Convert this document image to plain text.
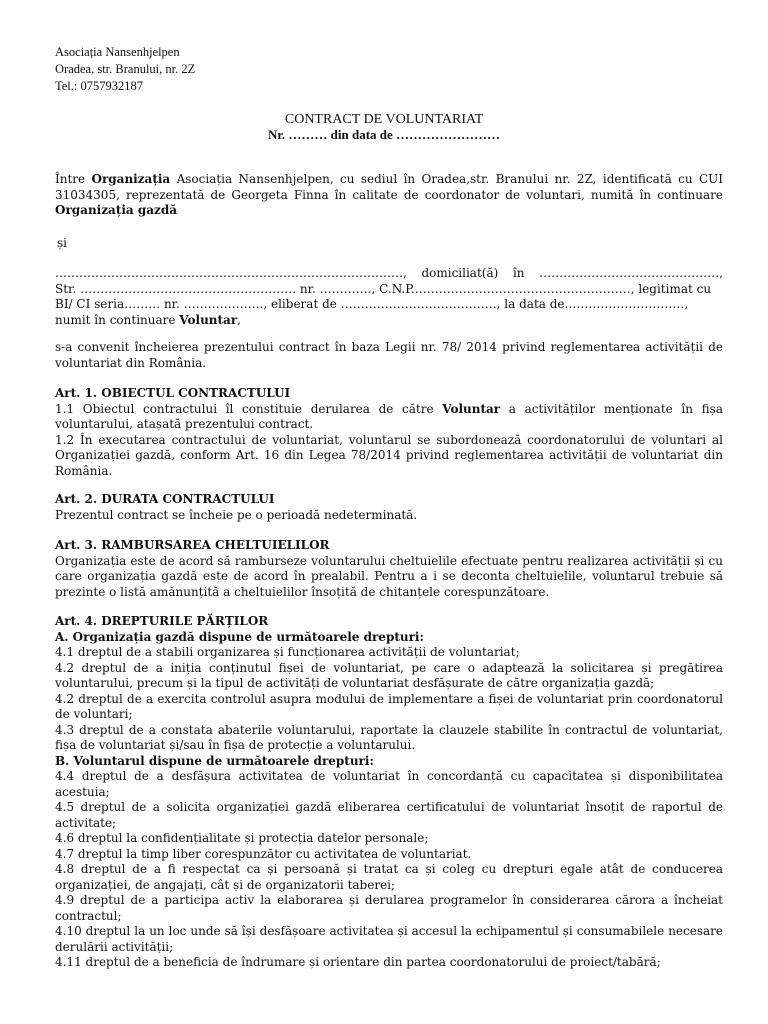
Asociația Nansenhjelpen
Oradea, str. Branului, nr. 2Z
Tel.: 0757932187
CONTRACT DE VOLUNTARIAT
Nr. ……… din data de ……………………

Între Organizația Asociația Nansenhjelpen, cu sediul în Oradea,str. Branului nr. 2Z, identificată cu CUI 31034305, reprezentată de Georgeta Finna în calitate de coordonator de voluntari, numită în continuare Organizația gazdă

și

……………………………………………………………………………, domiciliat(ă) în ………………………………………,
Str. ……………………………………………… nr. …………., C.N.P.………………………………………………, legitimat cu
BI/ CI seria……… nr. ……………….., eliberat de …………………………………, la data de…………………………,
numit în continuare Voluntar,

s-a convenit încheierea prezentului contract în baza Legii nr. 78/ 2014 privind reglementarea activității de voluntariat din România.

Art. 1. OBIECTUL CONTRACTULUI

1.1 Obiectul contractului îl constituie derularea de către Voluntar a activităților menționate în fișa voluntarului, atașată prezentului contract.

1.2 În executarea contractului de voluntariat, voluntarul se subordonează coordonatorului de voluntari al Organizației gazdă, conform Art. 16 din Legea 78/2014 privind reglementarea activității de voluntariat din România.

Art. 2. DURATA CONTRACTULUI

Prezentul contract se încheie pe o perioadă nedeterminată.

Art. 3. RAMBURSAREA CHELTUIELILOR

Organizația este de acord să ramburseze voluntarului cheltuielile efectuate pentru realizarea activității și cu care organizația gazdă este de acord în prealabil. Pentru a i se deconta cheltuielile, voluntarul trebuie să prezinte o listă amănunțită a cheltuielilor însoțită de chitanțele corespunzătoare.

Art. 4. DREPTURILE PĂRȚILOR

A. Organizația gazdă dispune de următoarele drepturi:

4.1 dreptul de a stabili organizarea și funcționarea activității de voluntariat;

4.2 dreptul de a iniția conținutul fișei de voluntariat, pe care o adaptează la solicitarea și pregătirea voluntarului, precum și la tipul de activități de voluntariat desfășurate de către organizația gazdă;

4.2 dreptul de a exercita controlul asupra modului de implementare a fișei de voluntariat prin coordonatorul de voluntari;

4.3 dreptul de a constata abaterile voluntarului, raportate la clauzele stabilite în contractul de voluntariat, fișa de voluntariat și/sau în fișa de protecție a voluntarului.

B. Voluntarul dispune de următoarele drepturi:

4.4 dreptul de a desfășura activitatea de voluntariat în concordanță cu capacitatea și disponibilitatea acestuia;

4.5 dreptul de a solicita organizației gazdă eliberarea certificatului de voluntariat însoțit de raportul de activitate;

4.6 dreptul la confidențialitate și protecția datelor personale;

4.7 dreptul la timp liber corespunzător cu activitatea de voluntariat.

4.8 dreptul de a fi respectat ca și persoană și tratat ca și coleg cu drepturi egale atât de conducerea organizației, de angajați, cât și de organizatorii taberei;

4.9 dreptul de a participa activ la elaborarea și derularea programelor în considerarea cărora a încheiat contractul;

4.10 dreptul la un loc unde să își desfășoare activitatea și accesul la echipamentul și consumabilele necesare derulării activității;

4.11 dreptul de a beneficia de îndrumare și orientare din partea coordonatorului de proiect/tabără;
